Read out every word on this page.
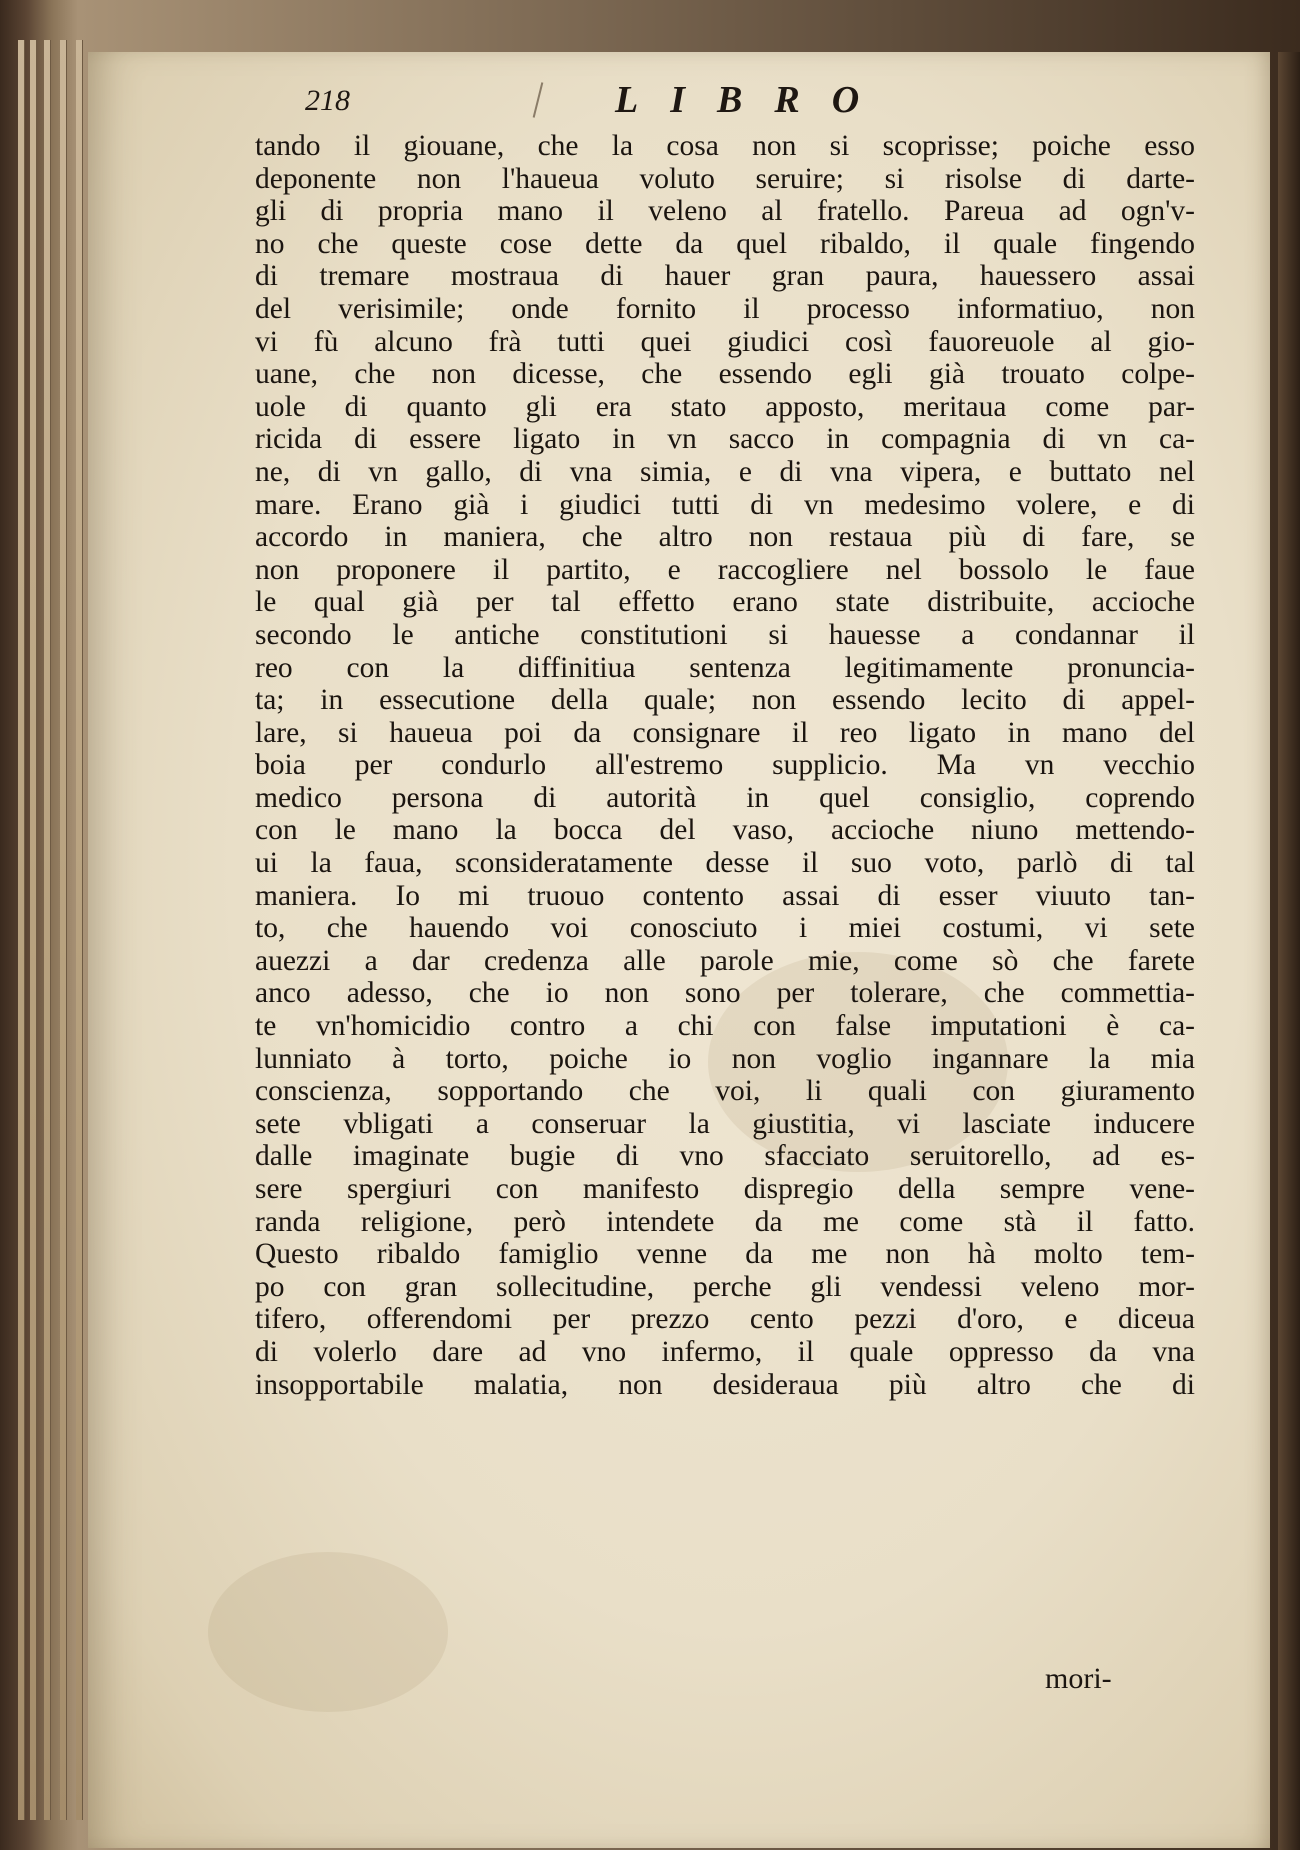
218	LIBRO
tando il giouane, che la cosa non si scoprisse; poiche esso
deponente non l'haueua voluto seruire; si risolse di darte-
gli di propria mano il veleno al fratello. Pareua ad ogn'v-
no che queste cose dette da quel ribaldo, il quale fingendo
di tremare mostraua di hauer gran paura, hauessero assai
del verisimile; onde fornito il processo informatiuo, non
vi fù alcuno frà tutti quei giudici così fauoreuole al gio-
uane, che non dicesse, che essendo egli già trouato colpe-
uole di quanto gli era stato apposto, meritaua come par-
ricida di essere ligato in vn sacco in compagnia di vn ca-
ne, di vn gallo, di vna simia, e di vna vipera, e buttato nel
mare. Erano già i giudici tutti di vn medesimo volere, e di
accordo in maniera, che altro non restaua più di fare, se
non proponere il partito, e raccogliere nel bossolo le faue
le qual già per tal effetto erano state distribuite, accioche
secondo le antiche constitutioni si hauesse a condannar il
reo con la diffinitiua sentenza legitimamente pronuncia-
ta; in essecutione della quale; non essendo lecito di appel-
lare, si haueua poi da consignare il reo ligato in mano del
boia per condurlo all'estremo supplicio. Ma vn vecchio
medico persona di autorità in quel consiglio, coprendo
con le mano la bocca del vaso, accioche niuno mettendo-
ui la faua, sconsideratamente desse il suo voto, parlò di tal
maniera. Io mi truouo contento assai di esser viuuto tan-
to, che hauendo voi conosciuto i miei costumi, vi sete
auezzi a dar credenza alle parole mie, come sò che farete
anco adesso, che io non sono per tolerare, che commettia-
te vn'homicidio contro a chi con false imputationi è ca-
lunniato à torto, poiche io non voglio ingannare la mia
conscienza, sopportando che voi, li quali con giuramento
sete vbligati a conseruar la giustitia, vi lasciate inducere
dalle imaginate bugie di vno sfacciato seruitorello, ad es-
sere spergiuri con manifesto dispregio della sempre vene-
randa religione, però intendete da me come stà il fatto.
Questo ribaldo famiglio venne da me non hà molto tem-
po con gran sollecitudine, perche gli vendessi veleno mor-
tifero, offerendomi per prezzo cento pezzi d'oro, e diceua
di volerlo dare ad vno infermo, il quale oppresso da vna
insopportabile malatia, non desideraua più altro che di
mori-
